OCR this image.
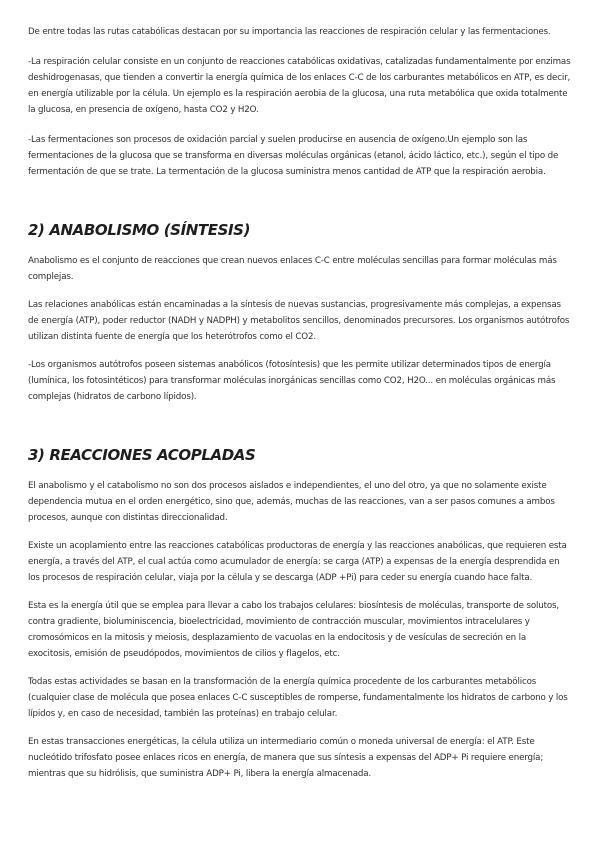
De entre todas las rutas catabólicas destacan por su importancia las reacciones de respiración celular y las fermentaciones.

-La respiración celular consiste en un conjunto de reacciones catabólicas oxidativas, catalizadas fundamentalmente por enzimas deshidrogenasas, que tienden a convertir la energía química de los enlaces C-C de los carburantes metabólicos en ATP, es decir, en energía utilizable por la célula. Un ejemplo es la respiración aerobia de la glucosa, una ruta metabólica que oxida totalmente la glucosa, en presencia de oxígeno, hasta CO2 y H2O.

-Las fermentaciones son procesos de oxidación parcial y suelen producirse en ausencia de oxígeno.Un ejemplo son las fermentaciones de la glucosa que se transforma en diversas moléculas orgánicas (etanol, ácido láctico, etc.), según el tipo de fermentación de que se trate. La termentación de la glucosa suministra menos cantidad de ATP que la respiración aerobia.

2) ANABOLISMO (SÍNTESIS)

Anabolismo es el conjunto de reacciones que crean nuevos enlaces C-C entre moléculas sencillas para formar moléculas más complejas.

Las relaciones anabólicas están encaminadas a la síntesis de nuevas sustancias, progresivamente más complejas, a expensas de energía (ATP), poder reductor (NADH y NADPH) y metabolitos sencillos, denominados precursores. Los organismos autótrofos utilizan distinta fuente de energía que los heterótrofos como el CO2.

-Los organismos autótrofos poseen sistemas anabólicos (fotosíntesis) que les permite utilizar determinados tipos de energía (lumínica, los fotosintéticos) para transformar moléculas inorgánicas sencillas como CO2, H2O... en moléculas orgánicas más complejas (hidratos de carbono lípidos).

3) REACCIONES ACOPLADAS

El anabolismo y el catabolismo no son dos procesos aislados e independientes, el uno del otro, ya que no solamente existe dependencia mutua en el orden energético, sino que, además, muchas de las reacciones, van a ser pasos comunes a ambos procesos, aunque con distintas direccionalidad.

Existe un acoplamiento entre las reacciones catabólicas productoras de energía y las reacciones anabólicas, que requieren esta energía, a través del ATP, el cual actúa como acumulador de energía: se carga (ATP) a expensas de la energía desprendida en los procesos de respiración celular, viaja por la célula y se descarga (ADP +Pi) para ceder su energía cuando hace falta.

Esta es la energía útil que se emplea para llevar a cabo los trabajos celulares: biosíntesis de moléculas, transporte de solutos, contra gradiente, bioluminiscencia, bioelectricidad, movimiento de contracción muscular, movimientos intracelulares y cromosómicos en la mitosis y meiosis, desplazamiento de vacuolas en la endocitosis y de vesículas de secreción en la exocitosis, emisión de pseudópodos, movimientos de cilios y flagelos, etc.

Todas estas actividades se basan en la transformación de la energía química procedente de los carburantes metabólicos (cualquier clase de molécula que posea enlaces C-C susceptibles de romperse, fundamentalmente los hidratos de carbono y los lípidos y, en caso de necesidad, también las proteínas) en trabajo celular.

En estas transacciones energéticas, la célula utiliza un intermediario común o moneda universal de energía: el ATP. Este nucleótido trifosfato posee enlaces ricos en energía, de manera que sus síntesis a expensas del ADP+ Pi requiere energía; mientras que su hidrólisis, que suministra ADP+ Pi, libera la energía almacenada.
